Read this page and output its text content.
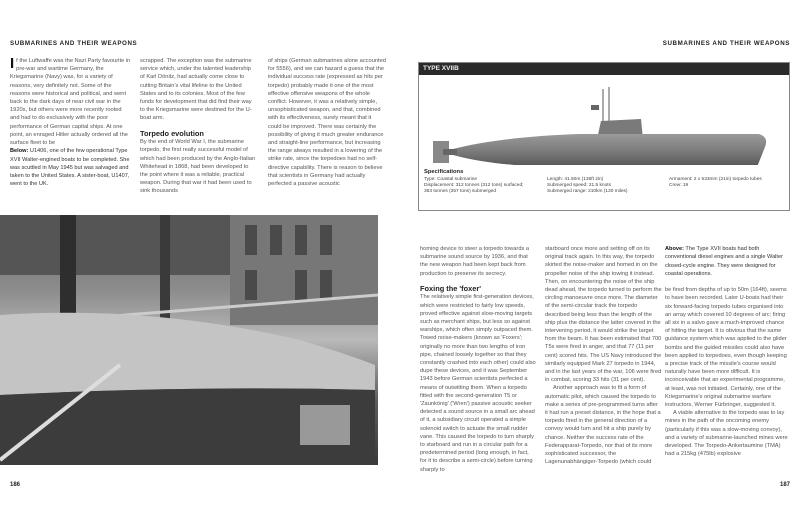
SUBMARINES AND THEIR WEAPONS	SUBMARINES AND THEIR WEAPONS

If the Luftwaffe was the Nazi Party favourite in pre-war and wartime Germany, the Kriegsmarine (Navy) was, for a variety of reasons, very definitely not. Some of the reasons were historical and political, and went back to the dark days of near civil war in the 1920s, but others were more recently rooted and had to do exclusively with the poor performance of German capital ships. At one point, an enraged Hitler actually ordered all the surface fleet to be

Below: U1406, one of the few operational Type XVII Walter-engined boats to be completed. She was scuttled in May 1945 but was salvaged and taken to the United States. A sister-boat, U1407, went to the UK.

scrapped. The exception was the submarine service which, under the talented leadership of Karl Dönitz, had actually come close to cutting Britain's vital lifeline to the United States and to its colonies. Most of the few funds for development that did find their way to the Kriegsmarine were destined for the U-boat arm.

Torpedo evolution

By the end of World War I, the submarine torpedo, the first really successful model of which had been produced by the Anglo-Italian Whitehead in 1868, had been developed to the point where it was a reliable, practical weapon. During that war it had been used to sink thousands

of ships (German submarines alone accounted for 5556), and we can hazard a guess that the individual success rate (expressed as hits per torpedo) probably made it one of the most effective offensive weapons of the whole conflict. However, it was a relatively simple, unsophisticated weapon, and that, combined with its effectiveness, surely meant that it could be improved. There was certainly the possibility of giving it much greater endurance and straight-line performance, but increasing the range always resulted in a lowering of the strike rate, since the torpedoes had no self-directive capability. There is reason to believe that scientists in Germany had actually perfected a passive acoustic

186
TYPE XVIIB
Specifications
Type: Coastal submarine
Displacement: 312 tonnes (312 tons) surfaced;
363 tonnes (357 tons) submerged
Length: 41.50m (136ft 2in)
Submerged speed: 21.5 knots
Submerged range: 210km (130 miles)
Armament: 2 x 533mm (21in) torpedo tubes
Crew: 19

homing device to steer a torpedo towards a submarine sound source by 1936, and that the new weapon had been kept back from production to preserve its secrecy.

Foxing the 'foxer'

The relatively simple first-generation devices, which were restricted to fairly low speeds, proved effective against slow-moving targets such as merchant ships, but less so against warships, which often simply outpaced them. Towed noise-makers (known as 'Foxers'; originally no more than two lengths of iron pipe, chained loosely together so that they constantly crashed into each other) could also dupe these devices, and it was September 1943 before German scientists perfected a means of outwitting them. When a torpedo fitted with the second-generation T5 or 'Zaunkönig' ('Wren') passive acoustic seeker detected a sound source in a small arc ahead of it, a subsidiary circuit operated a simple solenoid switch to actuate the small rudder vane. This caused the torpedo to turn sharply to starboard and run in a circular path for a predetermined period (long enough, in fact, for it to describe a semi-circle) before turning sharply to

starboard once more and setting off on its original track again. In this way, the torpedo skirted the noise-maker and homed in on the propeller noise of the ship towing it instead. Then, on encountering the noise of the ship dead ahead, the torpedo turned to perform the circling manoeuvre once more. The diameter of the semi-circular track the torpedo described being less than the length of the ship plus the distance the latter covered in the intervening period, it would strike the target from the beam. It has been estimated that 700 T5s were fired in anger, and that 77 (11 per cent) scored hits. The US Navy introduced the similarly equipped Mark 27 torpedo in 1944, and in the last years of the war, 106 were fired in combat, scoring 33 hits (31 per cent).

Another approach was to fit a form of automatic pilot, which caused the torpedo to make a series of pre-programmed turns after it had run a preset distance, in the hope that a torpedo fired in the general direction of a convoy would turn and hit a ship purely by chance. Neither the success rate of the Federapparat-Torpedo, nor that of its more sophisticated successor, the Lagenunabhängiger-Torpedo (which could

Above: The Type XVII boats had both conventional diesel engines and a single Walter closed-cycle engine. They were designed for coastal operations.

be fired from depths of up to 50m (164ft), seems to have been recorded. Later U-boats had their six forward-facing torpedo tubes organised into an array which covered 10 degrees of arc; firing all six in a salvo gave a much-improved chance of hitting the target. It is obvious that the same guidance system which was applied to the glider bombs and the guided missiles could also have been applied to torpedoes, even though keeping a precise track of the missile's course would naturally have been more difficult. It is inconceivable that an experimental programme, at least, was not initiated. Certainly, one of the Kriegsmarine's original submarine warfare instructors, Werner Fürbringer, suggested it.

A viable alternative to the torpedo was to lay mines in the path of the oncoming enemy (particularly if this was a slow-moving convoy), and a variety of submarine-launched mines were developed. The Torpedo-Ankertaumine (TMA) had a 215kg (475lb) explosive

187
